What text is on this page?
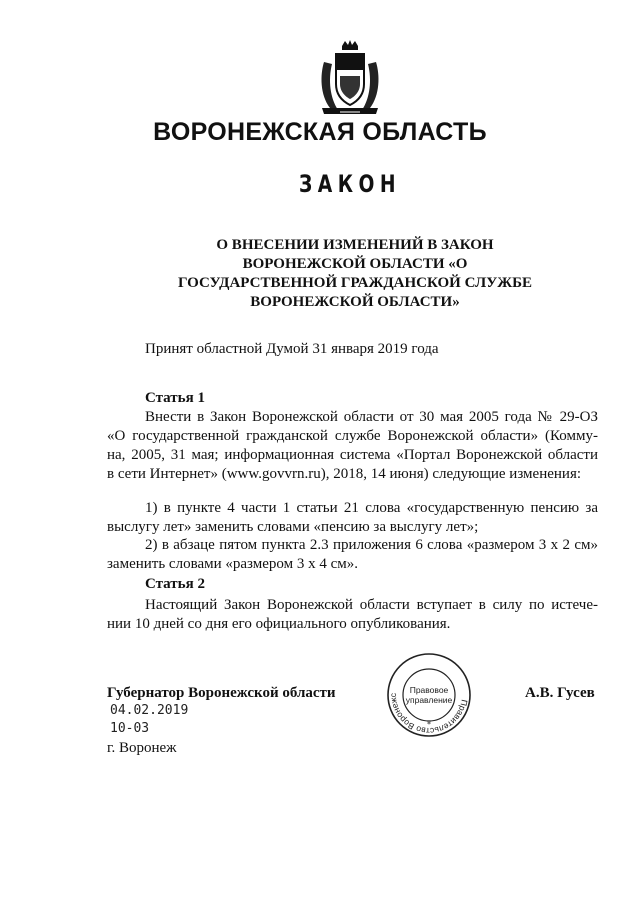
ВОРОНЕЖСКАЯ ОБЛАСТЬ
ЗАКОН
О ВНЕСЕНИИ ИЗМЕНЕНИЙ В ЗАКОН
ВОРОНЕЖСКОЙ ОБЛАСТИ «О
ГОСУДАРСТВЕННОЙ ГРАЖДАНСКОЙ СЛУЖБЕ
ВОРОНЕЖСКОЙ ОБЛАСТИ»
Принят областной Думой 31 января 2019 года
Статья 1
Внести в Закон Воронежской области от 30 мая 2005 года № 29-ОЗ
«О государственной гражданской службе Воронежской области» (Комму-
на, 2005, 31 мая; информационная система «Портал Воронежской области
в сети Интернет» (www.govvrn.ru), 2018, 14 июня) следующие изменения:
1) в пункте 4 части 1 статьи 21 слова «государственную пенсию за
выслугу лет» заменить словами «пенсию за выслугу лет»;
2) в абзаце пятом пункта 2.3 приложения 6 слова «размером 3 х 2 см»
заменить словами «размером 3 х 4 см».
Статья 2
Настоящий Закон Воронежской области вступает в силу по истече-
нии 10 дней со дня его официального опубликования.
Губернатор Воронежской области	А.В. Гусев
04.02.2019
10-03
г. Воронеж
Правительство Воронежс
Правовое
управление
*
